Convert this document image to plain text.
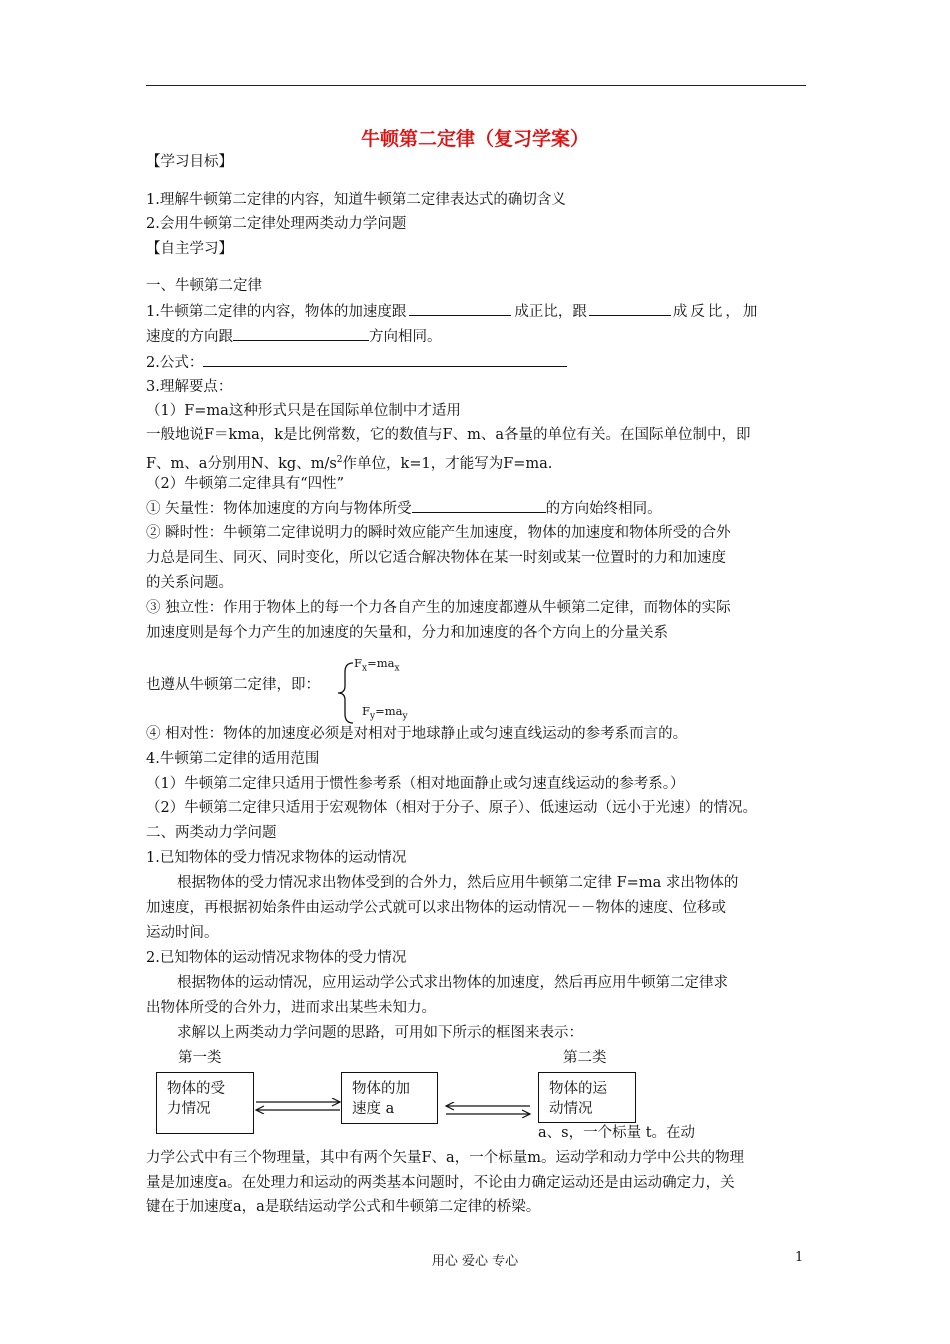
牛顿第二定律（复习学案）
【学习目标】
1.理解牛顿第二定律的内容，知道牛顿第二定律表达式的确切含义
2.会用牛顿第二定律处理两类动力学问题
【自主学习】
一、牛顿第二定律
1.牛顿第二定律的内容，物体的加速度跟	成正比，跟	成反比，加
速度的方向跟	方向相同。
2.公式：
3.理解要点：
（1）F=ma这种形式只是在国际单位制中才适用
一般地说F＝kma，k是比例常数，它的数值与F、m、a各量的单位有关。在国际单位制中，即
F、m、a分别用N、kg、$m/s^2$作单位，k=1，才能写为F=ma.
（2）牛顿第二定律具有“四性”
① 矢量性：物体加速度的方向与物体所受	的方向始终相同。
② 瞬时性：牛顿第二定律说明力的瞬时效应能产生加速度，物体的加速度和物体所受的合外
力总是同生、同灭、同时变化，所以它适合解决物体在某一时刻或某一位置时的力和加速度
的关系问题。
③ 独立性：作用于物体上的每一个力各自产生的加速度都遵从牛顿第二定律，而物体的实际
加速度则是每个力产生的加速度的矢量和，分力和加速度的各个方向上的分量关系
$F_x=ma_x$
也遵从牛顿第二定律，即：
$F_y=ma_y$
④ 相对性：物体的加速度必须是对相对于地球静止或匀速直线运动的参考系而言的。
4.牛顿第二定律的适用范围
（1）牛顿第二定律只适用于惯性参考系（相对地面静止或匀速直线运动的参考系。）
（2）牛顿第二定律只适用于宏观物体（相对于分子、原子）、低速运动（远小于光速）的情况。
二、两类动力学问题
1.已知物体的受力情况求物体的运动情况
根据物体的受力情况求出物体受到的合外力，然后应用牛顿第二定律 F=ma 求出物体的
加速度，再根据初始条件由运动学公式就可以求出物体的运动情况－－物体的速度、位移或
运动时间。
2.已知物体的运动情况求物体的受力情况
根据物体的运动情况，应用运动学公式求出物体的加速度，然后再应用牛顿第二定律求
出物体所受的合外力，进而求出某些未知力。
求解以上两类动力学问题的思路，可用如下所示的框图来表示：
第一类	第二类
a、s，一个标量 t。在动
物体的受
力情况
物体的加
速度 a
物体的运
动情况
力学公式中有三个物理量，其中有两个矢量F、a，一个标量m。运动学和动力学中公共的物理
量是加速度a。在处理力和运动的两类基本问题时，不论由力确定运动还是由运动确定力，关
键在于加速度a，a是联结运动学公式和牛顿第二定律的桥梁。
用心 爱心 专心	1
